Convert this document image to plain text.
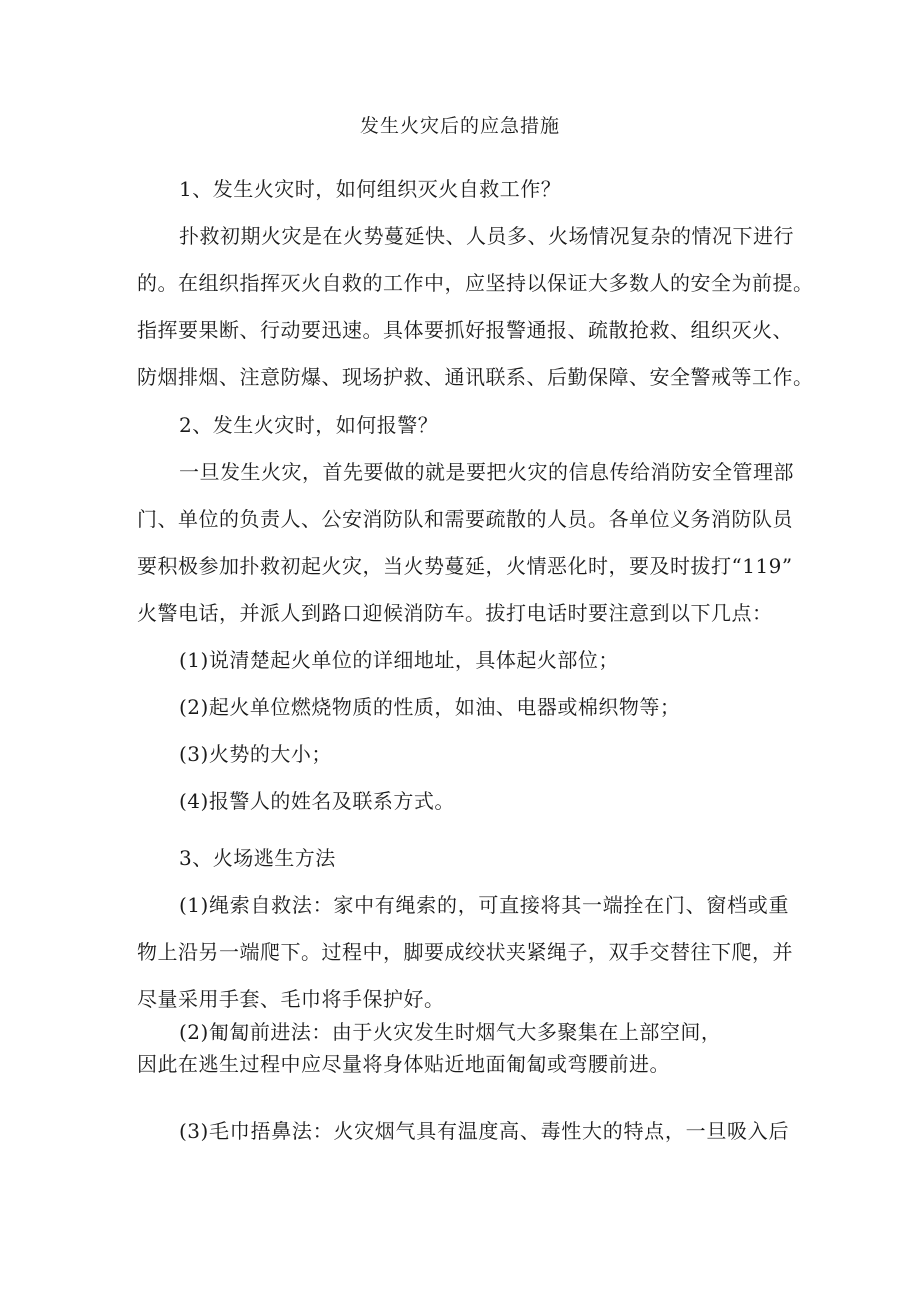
发生火灾后的应急措施
1、发生火灾时，如何组织灭火自救工作？
扑救初期火灾是在火势蔓延快、人员多、火场情况复杂的情况下进行
的。在组织指挥灭火自救的工作中，应坚持以保证大多数人的安全为前提。
指挥要果断、行动要迅速。具体要抓好报警通报、疏散抢救、组织灭火、
防烟排烟、注意防爆、现场护救、通讯联系、后勤保障、安全警戒等工作。
2、发生火灾时，如何报警？
一旦发生火灾，首先要做的就是要把火灾的信息传给消防安全管理部
门、单位的负责人、公安消防队和需要疏散的人员。各单位义务消防队员
要积极参加扑救初起火灾，当火势蔓延，火情恶化时，要及时拔打“119”
火警电话，并派人到路口迎候消防车。拔打电话时要注意到以下几点：
(1)说清楚起火单位的详细地址，具体起火部位；
(2)起火单位燃烧物质的性质，如油、电器或棉织物等；
(3)火势的大小；
(4)报警人的姓名及联系方式。
3、火场逃生方法
(1)绳索自救法：家中有绳索的，可直接将其一端拴在门、窗档或重
物上沿另一端爬下。过程中，脚要成绞状夹紧绳子，双手交替往下爬，并
尽量采用手套、毛巾将手保护好。
(2)匍匐前进法：由于火灾发生时烟气大多聚集在上部空间，
因此在逃生过程中应尽量将身体贴近地面匍匐或弯腰前进。
(3)毛巾捂鼻法：火灾烟气具有温度高、毒性大的特点，一旦吸入后
